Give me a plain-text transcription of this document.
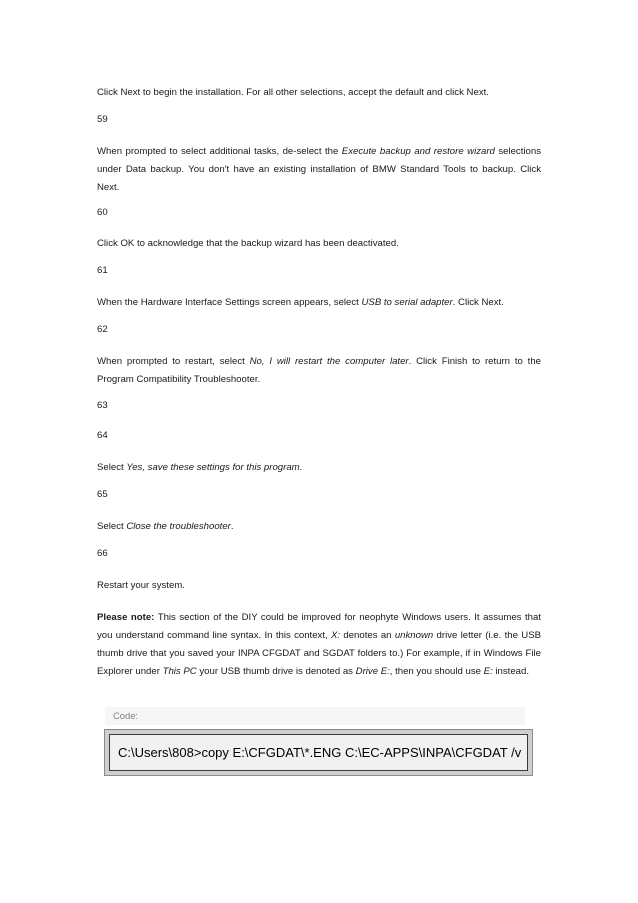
Click Next to begin the installation. For all other selections, accept the default and click Next.
59
When prompted to select additional tasks, de-select the Execute backup and restore wizard selections under Data backup. You don't have an existing installation of BMW Standard Tools to backup. Click Next.
60
Click OK to acknowledge that the backup wizard has been deactivated.
61
When the Hardware Interface Settings screen appears, select USB to serial adapter. Click Next.
62
When prompted to restart, select No, I will restart the computer later. Click Finish to return to the Program Compatibility Troubleshooter.
63
64
Select Yes, save these settings for this program.
65
Select Close the troubleshooter.
66
Restart your system.
Please note: This section of the DIY could be improved for neophyte Windows users. It assumes that you understand command line syntax. In this context, X: denotes an unknown drive letter (i.e. the USB thumb drive that you saved your INPA CFGDAT and SGDAT folders to.) For example, if in Windows File Explorer under This PC your USB thumb drive is denoted as Drive E:, then you should use E: instead.
Code:
C:\Users\808>copy E:\CFGDAT\*.ENG C:\EC-APPS\INPA\CFGDAT /v
